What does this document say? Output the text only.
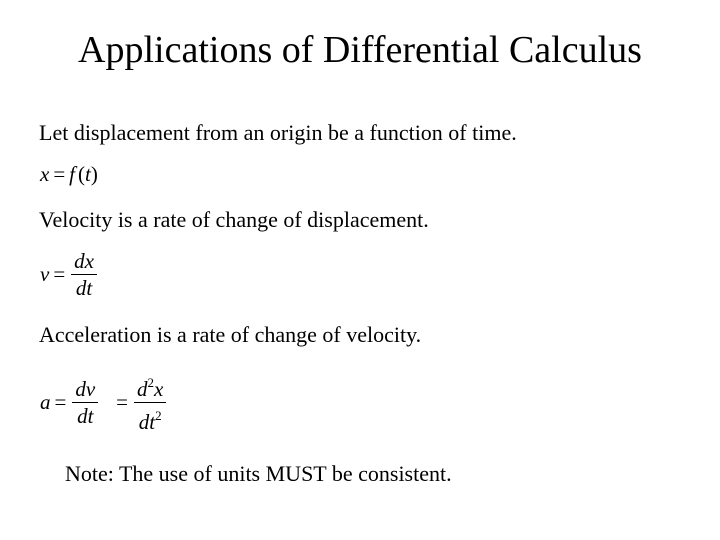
Applications of Differential Calculus
Let displacement from an origin be a function of time.
x = f ( t )
Velocity is a rate of change of displacement.
$v = \frac{dx}{dt}$
Acceleration is a rate of change of velocity.
$a = \frac{dv}{dt} = \frac{d^2x}{dt^2}$
Note: The use of units MUST be consistent.
